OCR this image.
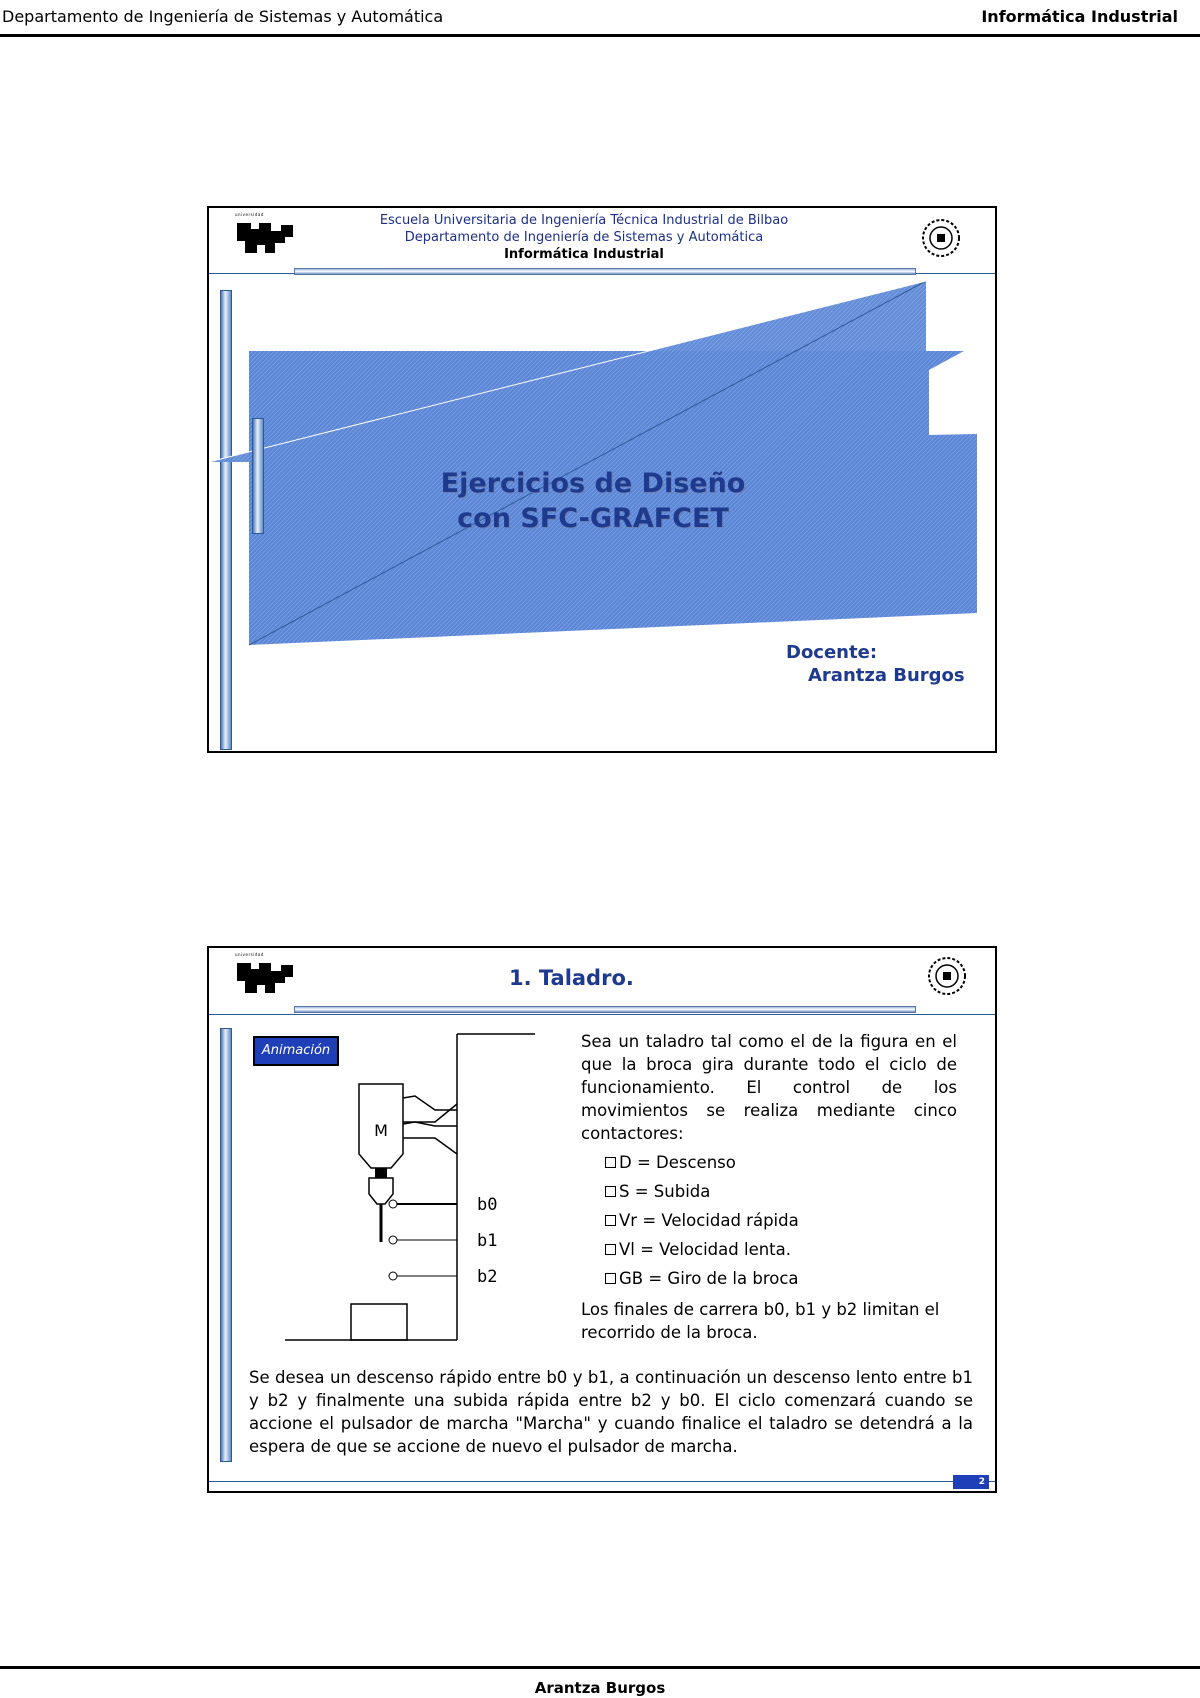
Departamento de Ingeniería de Sistemas y Automática	Informática Industrial
universidad	Escuela Universitaria de Ingeniería Técnica Industrial de Bilbao
Departamento de Ingeniería de Sistemas y Automática
Informática Industrial
Ejercicios de Diseño
con SFC-GRAFCET
Docente:
Arantza Burgos
universidad
1. Taladro.
Animación
M
b0
b1
b2
Sea un taladro tal como el de la figura en el que la broca gira durante todo el ciclo de funcionamiento. El control de los movimientos se realiza mediante cinco contactores:
D = Descenso
S = Subida
Vr = Velocidad rápida
Vl = Velocidad lenta.
GB = Giro de la broca
Los finales de carrera b0, b1 y b2 limitan el recorrido de la broca.
Se desea un descenso rápido entre b0 y b1, a continuación un descenso lento entre b1 y b2 y finalmente una subida rápida entre b2 y b0. El ciclo comenzará cuando se accione el pulsador de marcha "Marcha" y cuando finalice el taladro se detendrá a la espera de que se accione de nuevo el pulsador de marcha.
2
Arantza Burgos
